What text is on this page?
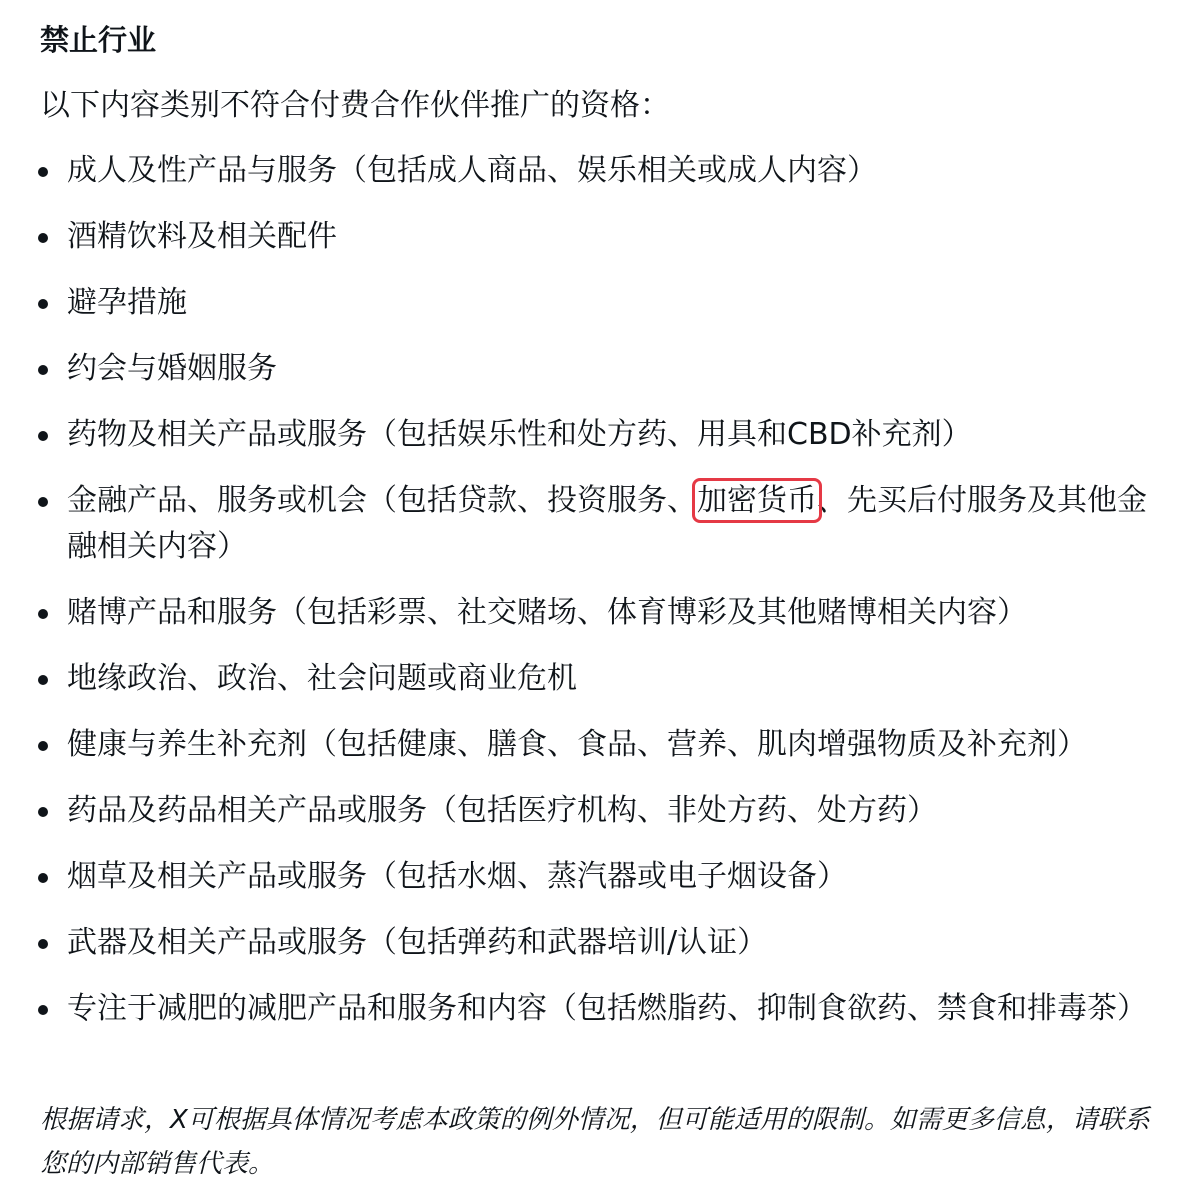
禁止行业

以下内容类别不符合付费合作伙伴推广的资格：

成人及性产品与服务（包括成人商品、娱乐相关或成人内容）
酒精饮料及相关配件
避孕措施
约会与婚姻服务
药物及相关产品或服务（包括娱乐性和处方药、用具和CBD补充剂）
金融产品、服务或机会（包括贷款、投资服务、加密货币、先买后付服务及其他金融相关内容）
赌博产品和服务（包括彩票、社交赌场、体育博彩及其他赌博相关内容）
地缘政治、政治、社会问题或商业危机
健康与养生补充剂（包括健康、膳食、食品、营养、肌肉增强物质及补充剂）
药品及药品相关产品或服务（包括医疗机构、非处方药、处方药）
烟草及相关产品或服务（包括水烟、蒸汽器或电子烟设备）
武器及相关产品或服务（包括弹药和武器培训/认证）
专注于减肥的减肥产品和服务和内容（包括燃脂药、抑制食欲药、禁食和排毒茶）

根据请求，X可根据具体情况考虑本政策的例外情况，但可能适用的限制。如需更多信息，请联系您的内部销售代表。
